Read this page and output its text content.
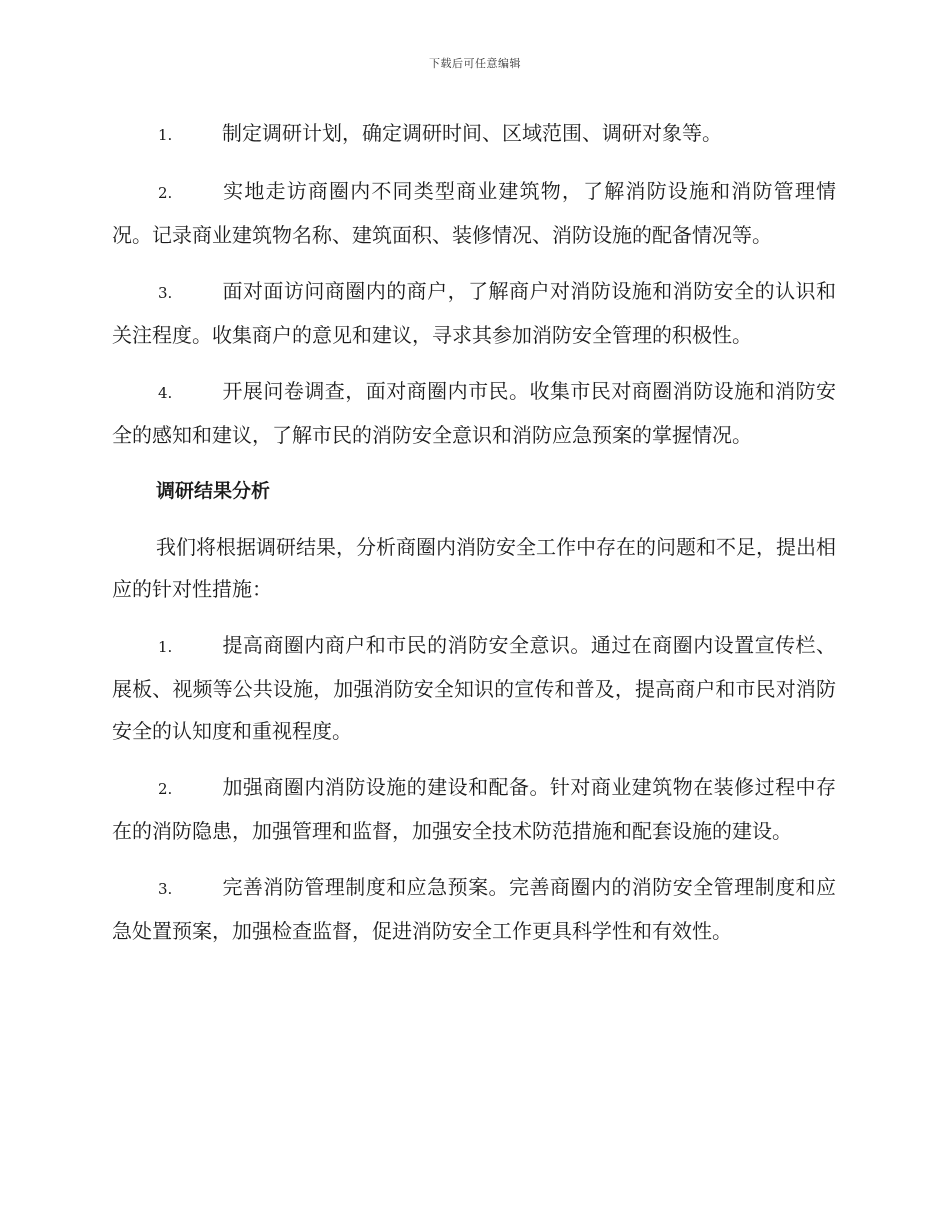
下载后可任意编辑
1. 制定调研计划，确定调研时间、区域范围、调研对象等。
2. 实地走访商圈内不同类型商业建筑物，了解消防设施和消防管理情况。记录商业建筑物名称、建筑面积、装修情况、消防设施的配备情况等。
3. 面对面访问商圈内的商户，了解商户对消防设施和消防安全的认识和关注程度。收集商户的意见和建议，寻求其参加消防安全管理的积极性。
4. 开展问卷调查，面对商圈内市民。收集市民对商圈消防设施和消防安全的感知和建议，了解市民的消防安全意识和消防应急预案的掌握情况。
调研结果分析
我们将根据调研结果，分析商圈内消防安全工作中存在的问题和不足，提出相应的针对性措施：
1. 提高商圈内商户和市民的消防安全意识。通过在商圈内设置宣传栏、展板、视频等公共设施，加强消防安全知识的宣传和普及，提高商户和市民对消防安全的认知度和重视程度。
2. 加强商圈内消防设施的建设和配备。针对商业建筑物在装修过程中存在的消防隐患，加强管理和监督，加强安全技术防范措施和配套设施的建设。
3. 完善消防管理制度和应急预案。完善商圈内的消防安全管理制度和应急处置预案，加强检查监督，促进消防安全工作更具科学性和有效性。
